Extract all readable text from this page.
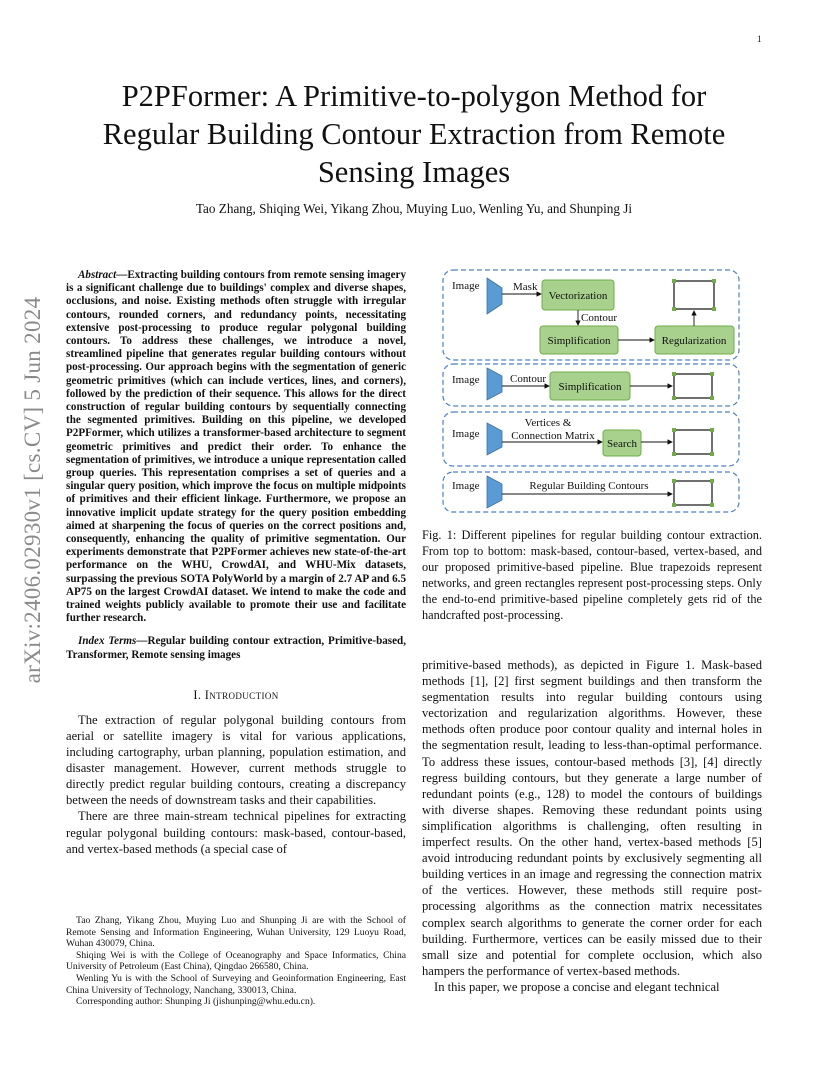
1
arXiv:2406.02930v1 [cs.CV] 5 Jun 2024
P2PFormer: A Primitive-to-polygon Method for Regular Building Contour Extraction from Remote Sensing Images
Tao Zhang, Shiqing Wei, Yikang Zhou, Muying Luo, Wenling Yu, and Shunping Ji

Abstract—Extracting building contours from remote sensing imagery is a significant challenge due to buildings' complex and diverse shapes, occlusions, and noise. Existing methods often struggle with irregular contours, rounded corners, and redundancy points, necessitating extensive post-processing to produce regular polygonal building contours. To address these challenges, we introduce a novel, streamlined pipeline that generates regular building contours without post-processing. Our approach begins with the segmentation of generic geometric primitives (which can include vertices, lines, and corners), followed by the prediction of their sequence. This allows for the direct construction of regular building contours by sequentially connecting the segmented primitives. Building on this pipeline, we developed P2PFormer, which utilizes a transformer-based architecture to segment geometric primitives and predict their order. To enhance the segmentation of primitives, we introduce a unique representation called group queries. This representation comprises a set of queries and a singular query position, which improve the focus on multiple midpoints of primitives and their efficient linkage. Furthermore, we propose an innovative implicit update strategy for the query position embedding aimed at sharpening the focus of queries on the correct positions and, consequently, enhancing the quality of primitive segmentation. Our experiments demonstrate that P2PFormer achieves new state-of-the-art performance on the WHU, CrowdAI, and WHU-Mix datasets, surpassing the previous SOTA PolyWorld by a margin of 2.7 AP and 6.5 AP75 on the largest CrowdAI dataset. We intend to make the code and trained weights publicly available to promote their use and facilitate further research.

Index Terms—Regular building contour extraction, Primitive-based, Transformer, Remote sensing images

I. Introduction

The extraction of regular polygonal building contours from aerial or satellite imagery is vital for various applications, including cartography, urban planning, population estimation, and disaster management. However, current methods struggle to directly predict regular building contours, creating a discrepancy between the needs of downstream tasks and their capabilities.

There are three main-stream technical pipelines for extracting regular polygonal building contours: mask-based, contour-based, and vertex-based methods (a special case of

Tao Zhang, Yikang Zhou, Muying Luo and Shunping Ji are with the School of Remote Sensing and Information Engineering, Wuhan University, 129 Luoyu Road, Wuhan 430079, China.

Shiqing Wei is with the College of Oceanography and Space Informatics, China University of Petroleum (East China), Qingdao 266580, China.

Wenling Yu is with the School of Surveying and Geoinformation Engineering, East China University of Technology, Nanchang, 330013, China.

Corresponding author: Shunping Ji (jishunping@whu.edu.cn).

Image	Mask
Vectorization
Contour
Simplification	Regularization
Image	Contour
Simplification
Image
Vertices &
Connection Matrix
Search
Image	Regular Building Contours

Fig. 1: Different pipelines for regular building contour extraction. From top to bottom: mask-based, contour-based, vertex-based, and our proposed primitive-based pipeline. Blue trapezoids represent networks, and green rectangles represent post-processing steps. Only the end-to-end primitive-based pipeline completely gets rid of the handcrafted post-processing.

primitive-based methods), as depicted in Figure 1. Mask-based methods [1], [2] first segment buildings and then transform the segmentation results into regular building contours using vectorization and regularization algorithms. However, these methods often produce poor contour quality and internal holes in the segmentation result, leading to less-than-optimal performance. To address these issues, contour-based methods [3], [4] directly regress building contours, but they generate a large number of redundant points (e.g., 128) to model the contours of buildings with diverse shapes. Removing these redundant points using simplification algorithms is challenging, often resulting in imperfect results. On the other hand, vertex-based methods [5] avoid introducing redundant points by exclusively segmenting all building vertices in an image and regressing the connection matrix of the vertices. However, these methods still require post-processing algorithms as the connection matrix necessitates complex search algorithms to generate the corner order for each building. Furthermore, vertices can be easily missed due to their small size and potential for complete occlusion, which also hampers the performance of vertex-based methods.

In this paper, we propose a concise and elegant technical
